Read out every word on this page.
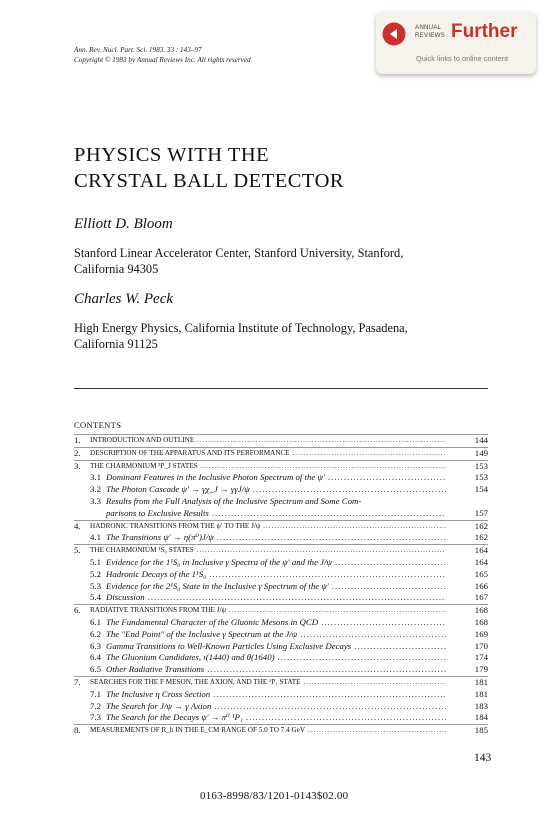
Ann. Rev. Nucl. Part. Sci. 1983. 33 : 143–97
Copyright © 1983 by Annual Reviews Inc. All rights reserved
ANNUAL
REVIEWS Further
Quick links to online content
PHYSICS WITH THE
CRYSTAL BALL DETECTOR
Elliott D. Bloom
Stanford Linear Accelerator Center, Stanford University, Stanford,
California 94305
Charles W. Peck
High Energy Physics, California Institute of Technology, Pasadena,
California 91125
CONTENTS
1. INTRODUCTION AND OUTLINE .....	144
2. DESCRIPTION OF THE APPARATUS AND ITS PERFORMANCE .....	149
3. THE CHARMONIUM ³P_J STATES .....	153
3.1 Dominant Features in the Inclusive Photon Spectrum of the ψ′ .....	153
3.2 The Photon Cascade ψ′ → γχ_J → γγJ/ψ .....	154
3.3 Results from the Full Analysis of the Inclusive Spectrum and Some Com-
parisons to Exclusive Results .....	157
4. HADRONIC TRANSITIONS FROM THE ψ′ TO THE J/ψ .....	162
4.1 The Transitions ψ′ → η(π⁰)J/ψ .....	162
5. THE CHARMONIUM ¹S₀ STATES .....	164
5.1 Evidence for the 1¹S₀ in Inclusive γ Spectra of the ψ′ and the J/ψ .....	164
5.2 Hadronic Decays of the 1¹S₀ .....	165
5.3 Evidence for the 2¹S₀ State in the Inclusive γ Spectrum of the ψ′ .....	166
5.4 Discussion .....	167
6. RADIATIVE TRANSITIONS FROM THE J/ψ .....	168
6.1 The Fundamental Character of the Gluonic Mesons in QCD .....	168
6.2 The "End Point" of the Inclusive γ Spectrum at the J/ψ .....	169
6.3 Gamma Transitions to Well-Known Particles Using Exclusive Decays .....	170
6.4 The Gluonium Candidates, ι(1440) and θ(1640) .....	174
6.5 Other Radiative Transitions .....	179
7. SEARCHES FOR THE F MESON, THE AXION, AND THE ¹P₁ STATE .....	181
7.1 The Inclusive η Cross Section .....	181
7.2 The Search for J/ψ → γ Axion .....	183
7.3 The Search for the Decays ψ′ → π⁰ ¹P₁ .....	184
8. MEASUREMENTS OF R_h IN THE E_CM RANGE OF 5.0 TO 7.4 GeV .....	185
143
0163-8998/83/1201-0143$02.00
